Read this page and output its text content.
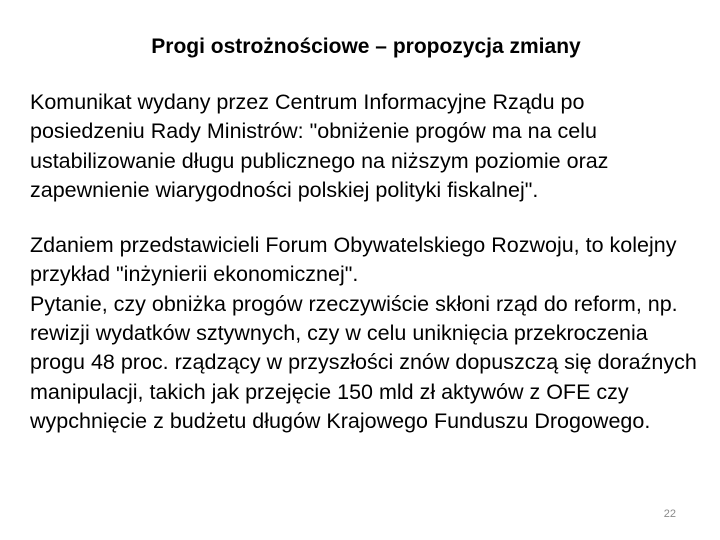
Progi ostrożnościowe – propozycja zmiany

Komunikat wydany przez Centrum Informacyjne Rządu po posiedzeniu Rady Ministrów: "obniżenie progów ma na celu ustabilizowanie długu publicznego na niższym poziomie oraz zapewnienie wiarygodności polskiej polityki fiskalnej".

Zdaniem przedstawicieli Forum Obywatelskiego Rozwoju, to kolejny przykład "inżynierii ekonomicznej".

Pytanie, czy obniżka progów rzeczywiście skłoni rząd do reform, np. rewizji wydatków sztywnych, czy w celu uniknięcia przekroczenia progu 48 proc. rządzący w przyszłości znów dopuszczą się doraźnych manipulacji, takich jak przejęcie 150 mld zł aktywów z OFE czy wypchnięcie z budżetu długów Krajowego Funduszu Drogowego.

22
